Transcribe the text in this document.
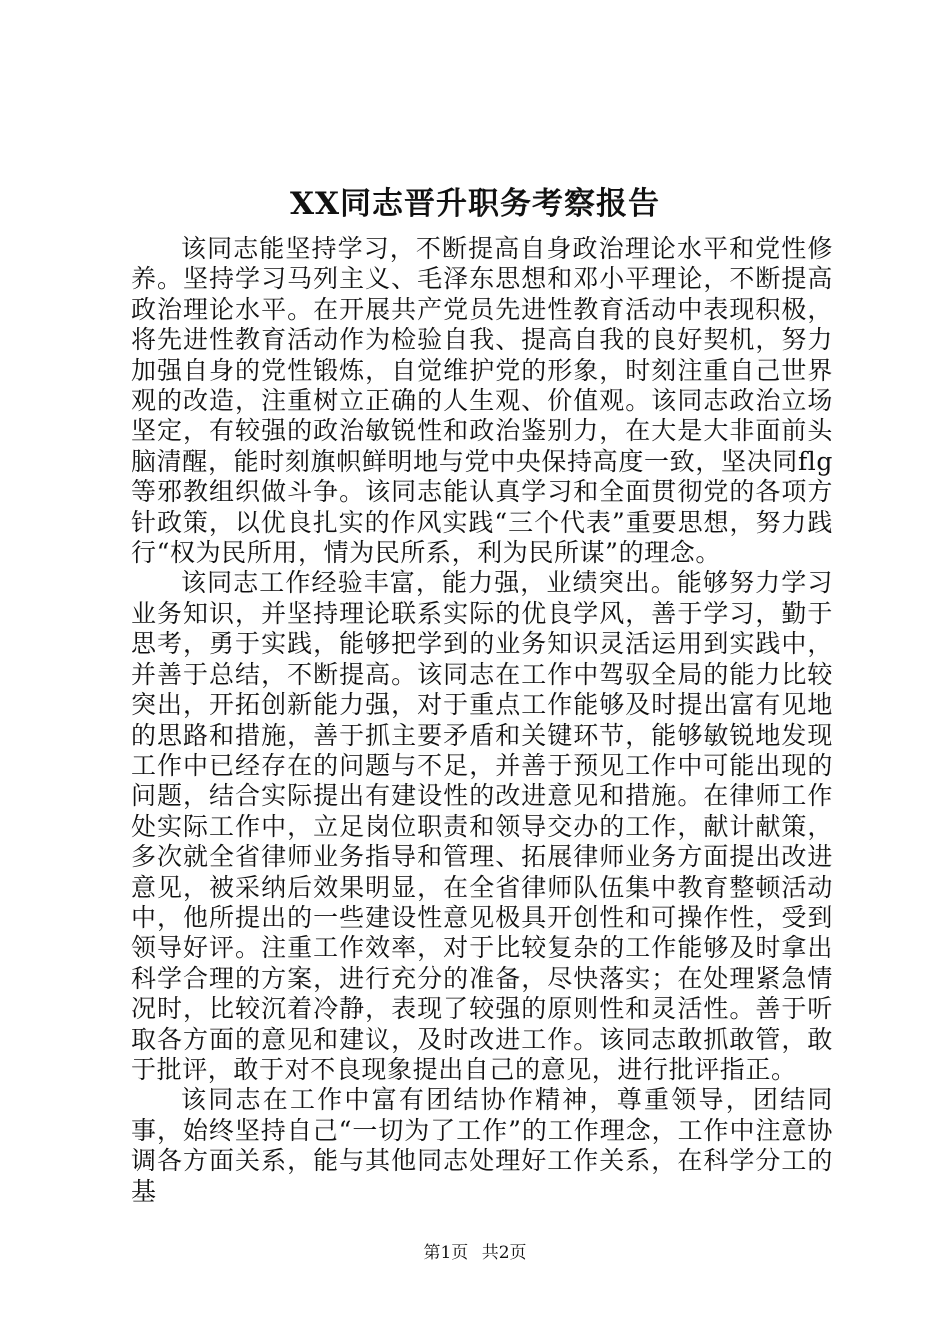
XX同志晋升职务考察报告

该同志能坚持学习，不断提高自身政治理论水平和党性修养。坚持学习马列主义、毛泽东思想和邓小平理论，不断提高政治理论水平。在开展共产党员先进性教育活动中表现积极，将先进性教育活动作为检验自我、提高自我的良好契机，努力加强自身的党性锻炼，自觉维护党的形象，时刻注重自己世界观的改造，注重树立正确的人生观、价值观。该同志政治立场坚定，有较强的政治敏锐性和政治鉴别力，在大是大非面前头脑清醒，能时刻旗帜鲜明地与党中央保持高度一致，坚决同flg等邪教组织做斗争。该同志能认真学习和全面贯彻党的各项方针政策，以优良扎实的作风实践“三个代表”重要思想，努力践行“权为民所用，情为民所系，利为民所谋”的理念。

该同志工作经验丰富，能力强，业绩突出。能够努力学习业务知识，并坚持理论联系实际的优良学风，善于学习，勤于思考，勇于实践，能够把学到的业务知识灵活运用到实践中，并善于总结，不断提高。该同志在工作中驾驭全局的能力比较突出，开拓创新能力强，对于重点工作能够及时提出富有见地的思路和措施，善于抓主要矛盾和关键环节，能够敏锐地发现工作中已经存在的问题与不足，并善于预见工作中可能出现的问题，结合实际提出有建设性的改进意见和措施。在律师工作处实际工作中，立足岗位职责和领导交办的工作，献计献策，多次就全省律师业务指导和管理、拓展律师业务方面提出改进意见，被采纳后效果明显，在全省律师队伍集中教育整顿活动中，他所提出的一些建设性意见极具开创性和可操作性，受到领导好评。注重工作效率，对于比较复杂的工作能够及时拿出科学合理的方案，进行充分的准备，尽快落实；在处理紧急情况时，比较沉着冷静，表现了较强的原则性和灵活性。善于听取各方面的意见和建议，及时改进工作。该同志敢抓敢管，敢于批评，敢于对不良现象提出自己的意见，进行批评指正。

该同志在工作中富有团结协作精神，尊重领导，团结同事，始终坚持自己“一切为了工作”的工作理念，工作中注意协调各方面关系，能与其他同志处理好工作关系，在科学分工的基

第1页 共2页
